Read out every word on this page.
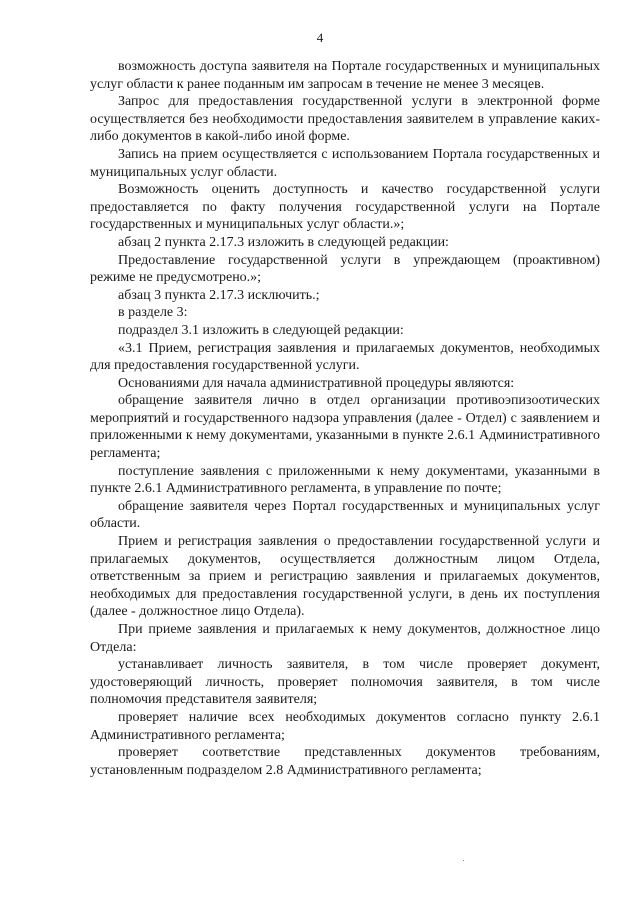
4

возможность доступа заявителя на Портале государственных и муниципальных услуг области к ранее поданным им запросам в течение не менее 3 месяцев.

Запрос для предоставления государственной услуги в электронной форме осуществляется без необходимости предоставления заявителем в управление каких-либо документов в какой-либо иной форме.

Запись на прием осуществляется с использованием Портала государственных и муниципальных услуг области.

Возможность оценить доступность и качество государственной услуги предоставляется по факту получения государственной услуги на Портале государственных и муниципальных услуг области.»;

абзац 2 пункта 2.17.3 изложить в следующей редакции:

Предоставление государственной услуги в упреждающем (проактивном) режиме не предусмотрено.»;

абзац 3 пункта 2.17.3 исключить.;

в разделе 3:

подраздел 3.1 изложить в следующей редакции:

«3.1 Прием, регистрация заявления и прилагаемых документов, необходимых для предоставления государственной услуги.

Основаниями для начала административной процедуры являются:

обращение заявителя лично в отдел организации противоэпизоотических мероприятий и государственного надзора управления (далее - Отдел) с заявлением и приложенными к нему документами, указанными в пункте 2.6.1 Административного регламента;

поступление заявления с приложенными к нему документами, указанными в пункте 2.6.1 Административного регламента, в управление по почте;

обращение заявителя через Портал государственных и муниципальных услуг области.

Прием и регистрация заявления о предоставлении государственной услуги и прилагаемых документов, осуществляется должностным лицом Отдела, ответственным за прием и регистрацию заявления и прилагаемых документов, необходимых для предоставления государственной услуги, в день их поступления (далее - должностное лицо Отдела).

При приеме заявления и прилагаемых к нему документов, должностное лицо Отдела:

устанавливает личность заявителя, в том числе проверяет документ, удостоверяющий личность, проверяет полномочия заявителя, в том числе полномочия представителя заявителя;

проверяет наличие всех необходимых документов согласно пункту 2.6.1 Административного регламента;

проверяет соответствие представленных документов требованиям, установленным подразделом 2.8 Административного регламента;
